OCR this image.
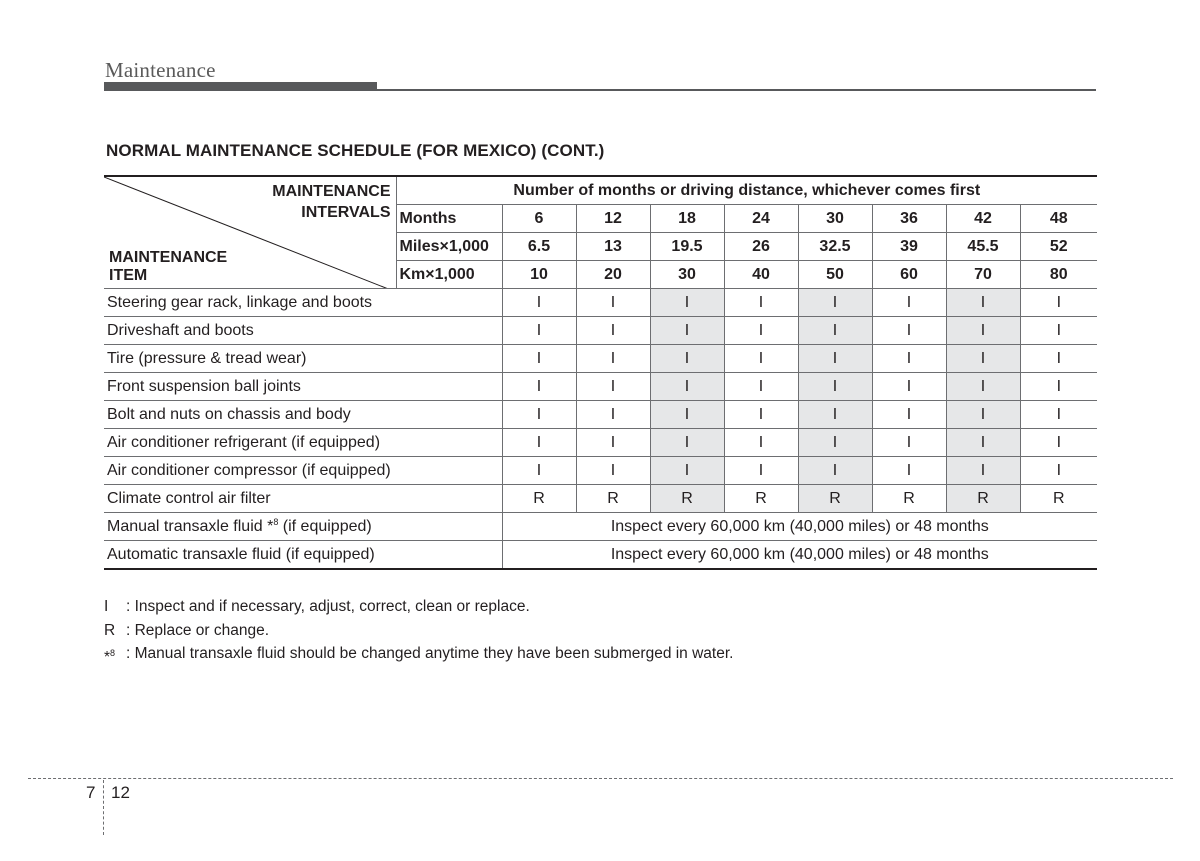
Maintenance
NORMAL MAINTENANCE SCHEDULE (FOR MEXICO) (CONT.)
MAINTENANCE
INTERVALS
MAINTENANCE
ITEM	Number of months or driving distance, whichever comes first								
	Months	6	12	18	24	30	36	42	48
	Miles×1,000	6.5	13	19.5	26	32.5	39	45.5	52
	Km×1,000	10	20	30	40	50	60	70	80
Steering gear rack, linkage and boots		I	I	I	I	I	I	I	I
Driveshaft and boots		I	I	I	I	I	I	I	I
Tire (pressure & tread wear)		I	I	I	I	I	I	I	I
Front suspension ball joints		I	I	I	I	I	I	I	I
Bolt and nuts on chassis and body		I	I	I	I	I	I	I	I
Air conditioner refrigerant (if equipped)		I	I	I	I	I	I	I	I
Air conditioner compressor (if equipped)		I	I	I	I	I	I	I	I
Climate control air filter		R	R	R	R	R	R	R	R
Manual transaxle fluid *$^8$ (if equipped)		Inspect every 60,000 km (40,000 miles) or 48 months							
Automatic transaxle fluid (if equipped)		Inspect every 60,000 km (40,000 miles) or 48 months							
I	: Inspect and if necessary, adjust, correct, clean or replace.
R : Replace or change.
*$^8$ : Manual transaxle fluid should be changed anytime they have been submerged in water.
7 12
